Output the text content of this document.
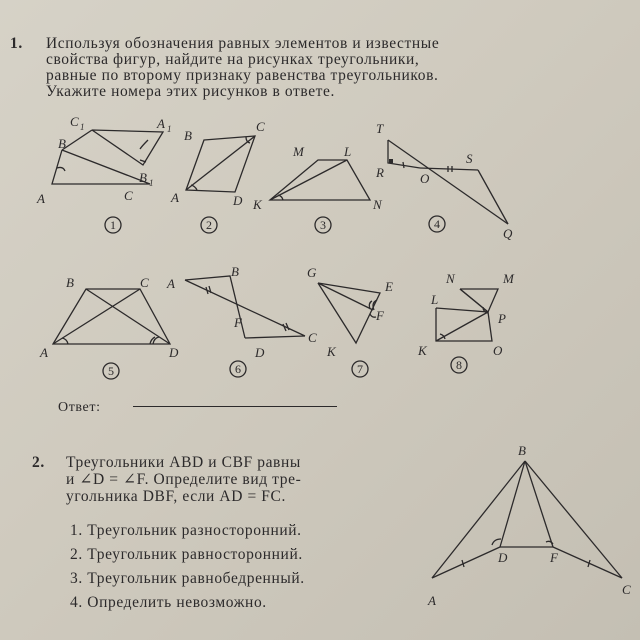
1. Используя обозначения равных элементов и известные
свойства фигур, найдите на рисунках треугольники,
равные по второму признаку равенства треугольников.
Укажите номера этих рисунков в ответе.
C 1	A 1
B
B 1
A	C
1
B
C
A	D
2
M	L
K	N
3
T
R	O
S
Q
4
B	C
A	D
5
A
B
F
C
D
6
G
E
F
K
7
N	M
L
P
K	O
8
B
D	F
A
C
Ответ:
2. Треугольники ABD и CBF равны
и ∠D = ∠F. Определите вид тре-
угольника DBF, если AD = FC.
1. Треугольник разносторонний.
2. Треугольник равносторонний.
3. Треугольник равнобедренный.
4. Определить невозможно.
